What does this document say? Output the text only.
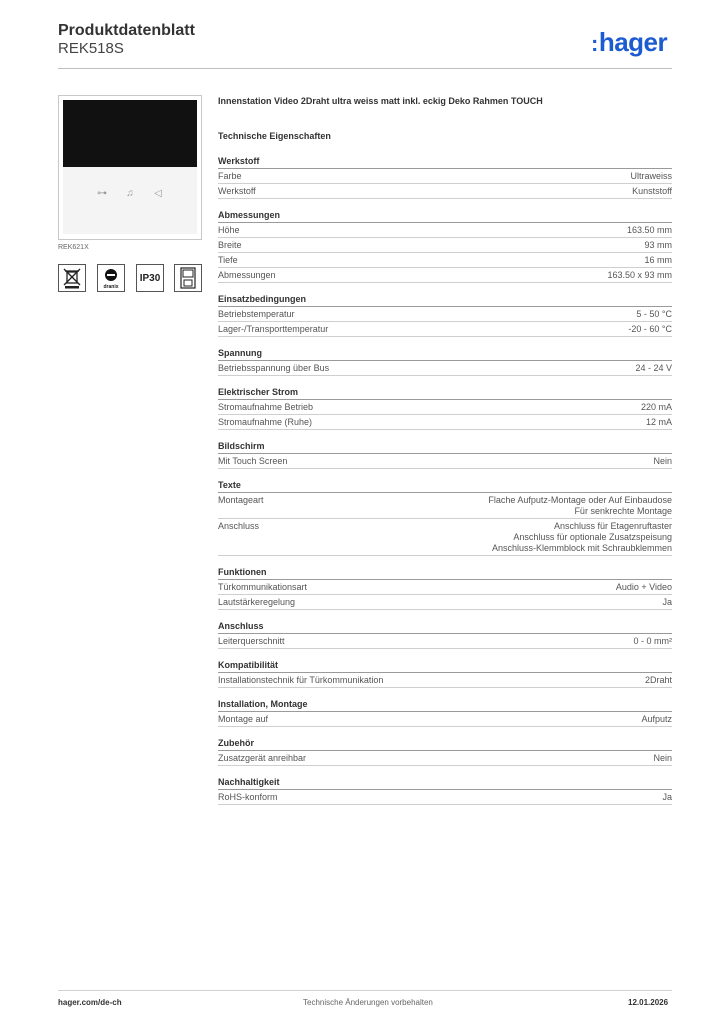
Produktdatenblatt
REK518S	:hager
⊶ ♫ ◁
REK621X
dranix
IP30
Innenstation Video 2Draht ultra weiss matt inkl. eckig Deko Rahmen TOUCH
Technische Eigenschaften
Werkstoff
Farbe	Ultraweiss
Werkstoff	Kunststoff
Abmessungen
Höhe	163.50 mm
Breite	93 mm
Tiefe	16 mm
Abmessungen	163.50 x 93 mm
Einsatzbedingungen
Betriebstemperatur	5 - 50 °C
Lager-/Transporttemperatur	-20 - 60 °C
Spannung
Betriebsspannung über Bus	24 - 24 V
Elektrischer Strom
Stromaufnahme Betrieb	220 mA
Stromaufnahme (Ruhe)	12 mA
Bildschirm
Mit Touch Screen	Nein
Texte
Montageart	Flache Aufputz-Montage oder Auf Einbaudose
Für senkrechte Montage
Anschluss	Anschluss für Etagenruftaster
Anschluss für optionale Zusatzspeisung
Anschluss-Klemmblock mit Schraubklemmen
Funktionen
Türkommunikationsart	Audio + Video
Lautstärkeregelung	Ja
Anschluss
Leiterquerschnitt	0 - 0 mm²
Kompatibilität
Installationstechnik für Türkommunikation	2Draht
Installation, Montage
Montage auf	Aufputz
Zubehör
Zusatzgerät anreihbar	Nein
Nachhaltigkeit
RoHS-konform	Ja
hager.com/de-ch	Technische Änderungen vorbehalten	12.01.2026
